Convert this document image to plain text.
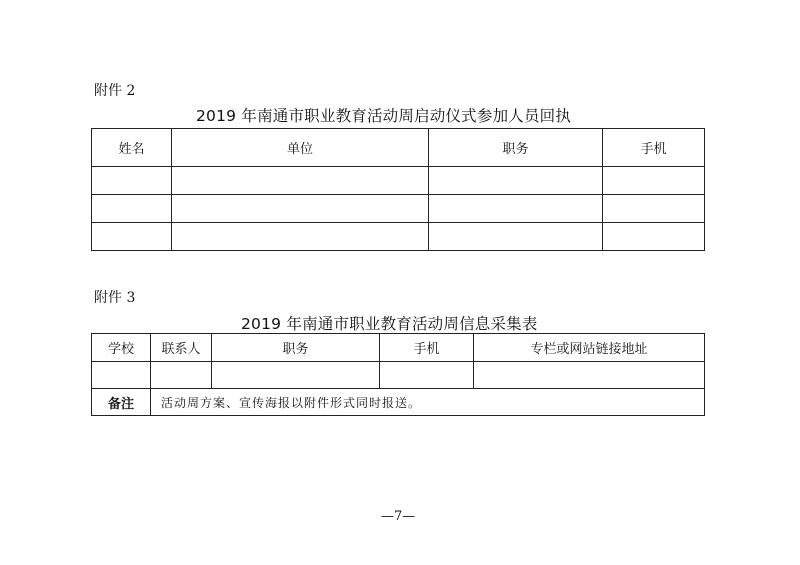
附件 2
2019 年南通市职业教育活动周启动仪式参加人员回执
姓名	单位	职务	手机

附件 3
2019 年南通市职业教育活动周信息采集表
学校	联系人	职务	手机	专栏或网站链接地址

备注	活动周方案、宣传海报以附件形式同时报送。			
—7—
